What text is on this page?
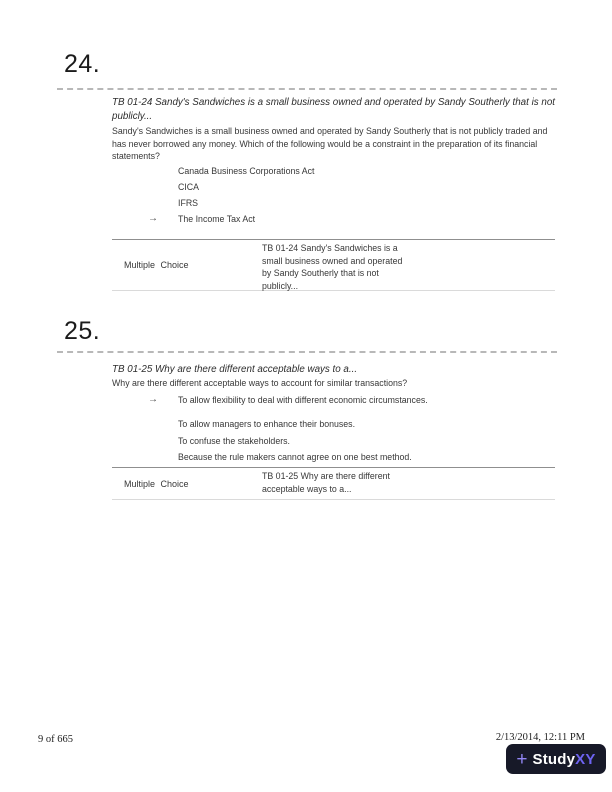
24.
TB 01-24 Sandy's Sandwiches is a small business owned and operated by Sandy Southerly that is not publicly...
Sandy's Sandwiches is a small business owned and operated by Sandy Southerly that is not publicly traded and has never borrowed any money. Which of the following would be a constraint in the preparation of its financial statements?
Canada Business Corporations Act
CICA
IFRS
→	The Income Tax Act
Multiple Choice
TB 01-24 Sandy's Sandwiches is a small business owned and operated by Sandy Southerly that is not publicly...
25.
TB 01-25 Why are there different acceptable ways to a...
Why are there different acceptable ways to account for similar transactions?
→	To allow flexibility to deal with different economic circumstances.
To allow managers to enhance their bonuses.
To confuse the stakeholders.
Because the rule makers cannot agree on one best method.
Multiple Choice
TB 01-25 Why are there different acceptable ways to a...
9 of 665	2/13/2014, 12:11 PM
+ Study XY
